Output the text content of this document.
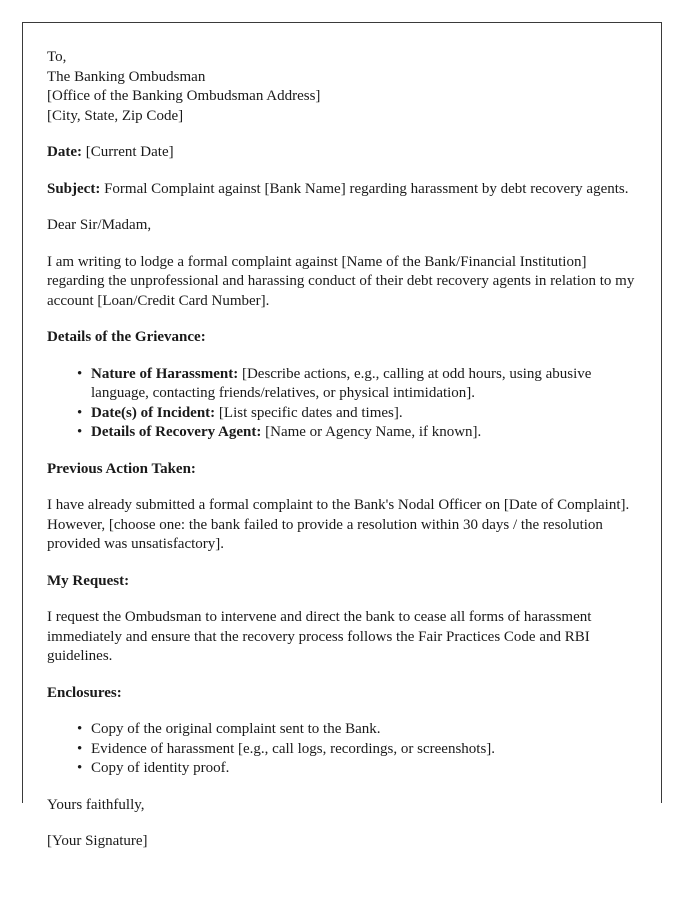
To,
The Banking Ombudsman
[Office of the Banking Ombudsman Address]
[City, State, Zip Code]

Date: [Current Date]

Subject: Formal Complaint against [Bank Name] regarding harassment by debt recovery agents.

Dear Sir/Madam,

I am writing to lodge a formal complaint against [Name of the Bank/Financial Institution] regarding the unprofessional and harassing conduct of their debt recovery agents in relation to my account [Loan/Credit Card Number].

Details of the Grievance:
• Nature of Harassment: [Describe actions, e.g., calling at odd hours, using abusive language, contacting friends/relatives, or physical intimidation].
• Date(s) of Incident: [List specific dates and times].
• Details of Recovery Agent: [Name or Agency Name, if known].
Previous Action Taken:

I have already submitted a formal complaint to the Bank's Nodal Officer on [Date of Complaint]. However, [choose one: the bank failed to provide a resolution within 30 days / the resolution provided was unsatisfactory].

My Request:

I request the Ombudsman to intervene and direct the bank to cease all forms of harassment immediately and ensure that the recovery process follows the Fair Practices Code and RBI guidelines.

Enclosures:
• Copy of the original complaint sent to the Bank.
• Evidence of harassment [e.g., call logs, recordings, or screenshots].
• Copy of identity proof.

Yours faithfully,

[Your Signature]
